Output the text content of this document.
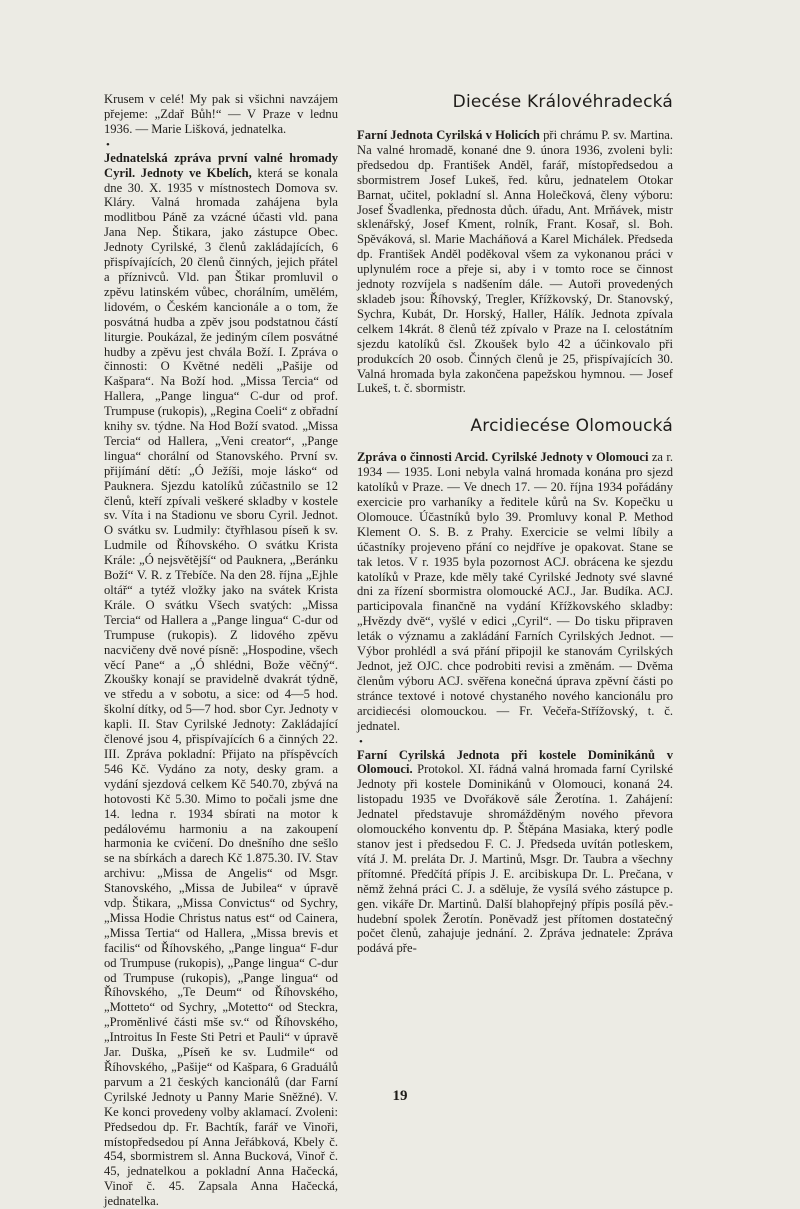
Krusem v celé! My pak si všichni navzájem přejeme: „Zdař Bůh!“ — V Praze v lednu 1936. — Marie Lišková, jednatelka.

•

Jednatelská zpráva první valné hromady Cyril. Jednoty ve Kbelích, která se konala dne 30. X. 1935 v místnostech Domova sv. Kláry. Valná hromada zahájena byla modlitbou Páně za vzácné účasti vld. pana Jana Nep. Štikara, jako zástupce Obec. Jednoty Cyrilské, 3 členů zakládajících, 6 přispívajících, 20 členů činných, jejich přátel a příznivců. Vld. pan Štikar promluvil o zpěvu latinském vůbec, chorálním, umělém, lidovém, o Českém kancionále a o tom, že posvátná hudba a zpěv jsou podstatnou částí liturgie. Poukázal, že jediným cílem posvátné hudby a zpěvu jest chvála Boží. I. Zpráva o činnosti: O Květné neděli „Pašije od Kašpara“. Na Boží hod. „Missa Tercia“ od Hallera, „Pange lingua“ C-dur od prof. Trumpuse (rukopis), „Regina Coeli“ z obřadní knihy sv. týdne. Na Hod Boží svatod. „Missa Tercia“ od Hallera, „Veni creator“, „Pange lingua“ chorální od Stanovského. První sv. přijímání dětí: „Ó Ježíši, moje lásko“ od Pauknera. Sjezdu katolíků zúčastnilo se 12 členů, kteří zpívali veškeré skladby v kostele sv. Víta i na Stadionu ve sboru Cyril. Jednot. O svátku sv. Ludmily: čtyřhlasou píseň k sv. Ludmile od Říhovského. O svátku Krista Krále: „Ó nejsvětější“ od Pauknera, „Beránku Boží“ V. R. z Třebíče. Na den 28. října „Ejhle oltář“ a tytéž vložky jako na svátek Krista Krále. O svátku Všech svatých: „Missa Tercia“ od Hallera a „Pange lingua“ C-dur od Trumpuse (rukopis). Z lidového zpěvu nacvičeny dvě nové písně: „Hospodine, všech věcí Pane“ a „Ó shlédni, Bože věčný“. Zkoušky konají se pravidelně dvakrát týdně, ve středu a v sobotu, a sice: od 4—5 hod. školní dítky, od 5—7 hod. sbor Cyr. Jednoty v kapli. II. Stav Cyrilské Jednoty: Zakládající členové jsou 4, přispívajících 6 a činných 22. III. Zpráva pokladní: Přijato na příspěvcích 546 Kč. Vydáno za noty, desky gram. a vydání sjezdová celkem Kč 540.70, zbývá na hotovosti Kč 5.30. Mimo to počali jsme dne 14. ledna r. 1934 sbírati na motor k pedálovému harmoniu a na zakoupení harmonia ke cvičení. Do dnešního dne sešlo se na sbírkách a darech Kč 1.875.30. IV. Stav archivu: „Missa de Angelis“ od Msgr. Stanovského, „Missa de Jubilea“ v úpravě vdp. Štikara, „Missa Convictus“ od Sychry, „Missa Hodie Christus natus est“ od Cainera, „Missa Tertia“ od Hallera, „Missa brevis et facilis“ od Říhovského, „Pange lingua“ F-dur od Trumpuse (rukopis), „Pange lingua“ C-dur od Trumpuse (rukopis), „Pange lingua“ od Říhovského, „Te Deum“ od Říhovského, „Motteto“ od Sychry, „Motetto“ od Steckra, „Proměnlivé části mše sv.“ od Říhovského, „Introitus In Feste Sti Petri et Pauli“ v úpravě Jar. Duška, „Píseň ke sv. Ludmile“ od Říhovského, „Pašije“ od Kašpara, 6 Graduálů parvum a 21 českých kancionálů (dar Farní Cyrilské Jednoty u Panny Marie Sněžné). V. Ke konci provedeny volby aklamací. Zvoleni: Předsedou dp. Fr. Bachtík, farář ve Vinoři, místopředsedou pí Anna Jeřábková, Kbely č. 454, sbormistrem sl. Anna Bucková, Vinoř č. 45, jednatelkou a pokladní Anna Hačecká, Vinoř č. 45. Zapsala Anna Hačecká, jednatelka.

Diecése Královéhradecká

Farní Jednota Cyrilská v Holicích při chrámu P. sv. Martina. Na valné hromadě, konané dne 9. února 1936, zvoleni byli: předsedou dp. František Anděl, farář, místopředsedou a sbormistrem Josef Lukeš, řed. kůru, jednatelem Otokar Barnat, učitel, pokladní sl. Anna Holečková, členy výboru: Josef Švadlenka, přednosta důch. úřadu, Ant. Mrňávek, mistr sklenářský, Josef Kment, rolník, Frant. Kosař, sl. Boh. Spěváková, sl. Marie Macháňová a Karel Michálek. Předseda dp. František Anděl poděkoval všem za vykonanou práci v uplynulém roce a přeje si, aby i v tomto roce se činnost jednoty rozvíjela s nadšením dále. — Autoři provedených skladeb jsou: Říhovský, Tregler, Křížkovský, Dr. Stanovský, Sychra, Kubát, Dr. Horský, Haller, Hálík. Jednota zpívala celkem 14krát. 8 členů též zpívalo v Praze na I. celostátním sjezdu katolíků čsl. Zkoušek bylo 42 a účinkovalo při produkcích 20 osob. Činných členů je 25, přispívajících 30. Valná hromada byla zakončena papežskou hymnou. — Josef Lukeš, t. č. sbormistr.

Arcidiecése Olomoucká

Zpráva o činnosti Arcid. Cyrilské Jednoty v Olomouci za r. 1934 — 1935. Loni nebyla valná hromada konána pro sjezd katolíků v Praze. — Ve dnech 17. — 20. října 1934 pořádány exercicie pro varhaníky a ředitele kůrů na Sv. Kopečku u Olomouce. Účastníků bylo 39. Promluvy konal P. Method Klement O. S. B. z Prahy. Exercicie se velmi líbily a účastníky projeveno přání co nejdříve je opakovat. Stane se tak letos. V r. 1935 byla pozornost ACJ. obrácena ke sjezdu katolíků v Praze, kde měly také Cyrilské Jednoty své slavné dni za řízení sbormistra olomoucké ACJ., Jar. Budíka. ACJ. participovala finančně na vydání Křížkovského skladby: „Hvězdy dvě“, vyšlé v edici „Cyril“. — Do tisku připraven leták o významu a zakládání Farních Cyrilských Jednot. — Výbor prohlédl a svá přání připojil ke stanovám Cyrilských Jednot, jež OJC. chce podrobiti revisi a změnám. — Dvěma členům výboru ACJ. svěřena konečná úprava zpěvní části po stránce textové i notové chystaného nového kancionálu pro arcidiecési olomouckou. — Fr. Večeřa-Střížovský, t. č. jednatel.

•

Farní Cyrilská Jednota při kostele Dominikánů v Olomouci. Protokol. XI. řádná valná hromada farní Cyrilské Jednoty při kostele Dominikánů v Olomouci, konaná 24. listopadu 1935 ve Dvořákově sále Žerotína. 1. Zahájení: Jednatel představuje shromážděným nového převora olomouckého konventu dp. P. Štěpána Masiaka, který podle stanov jest i předsedou F. C. J. Předseda uvítán potleskem, vítá J. M. preláta Dr. J. Martinů, Msgr. Dr. Taubra a všechny přítomné. Předčítá přípis J. E. arcibiskupa Dr. L. Prečana, v němž žehná práci C. J. a sděluje, že vysílá svého zástupce p. gen. vikáře Dr. Martinů. Další blahopřejný přípis posílá pěv.-hudební spolek Žerotín. Poněvadž jest přítomen dostatečný počet členů, zahajuje jednání. 2. Zpráva jednatele: Zpráva podává pře-

19
